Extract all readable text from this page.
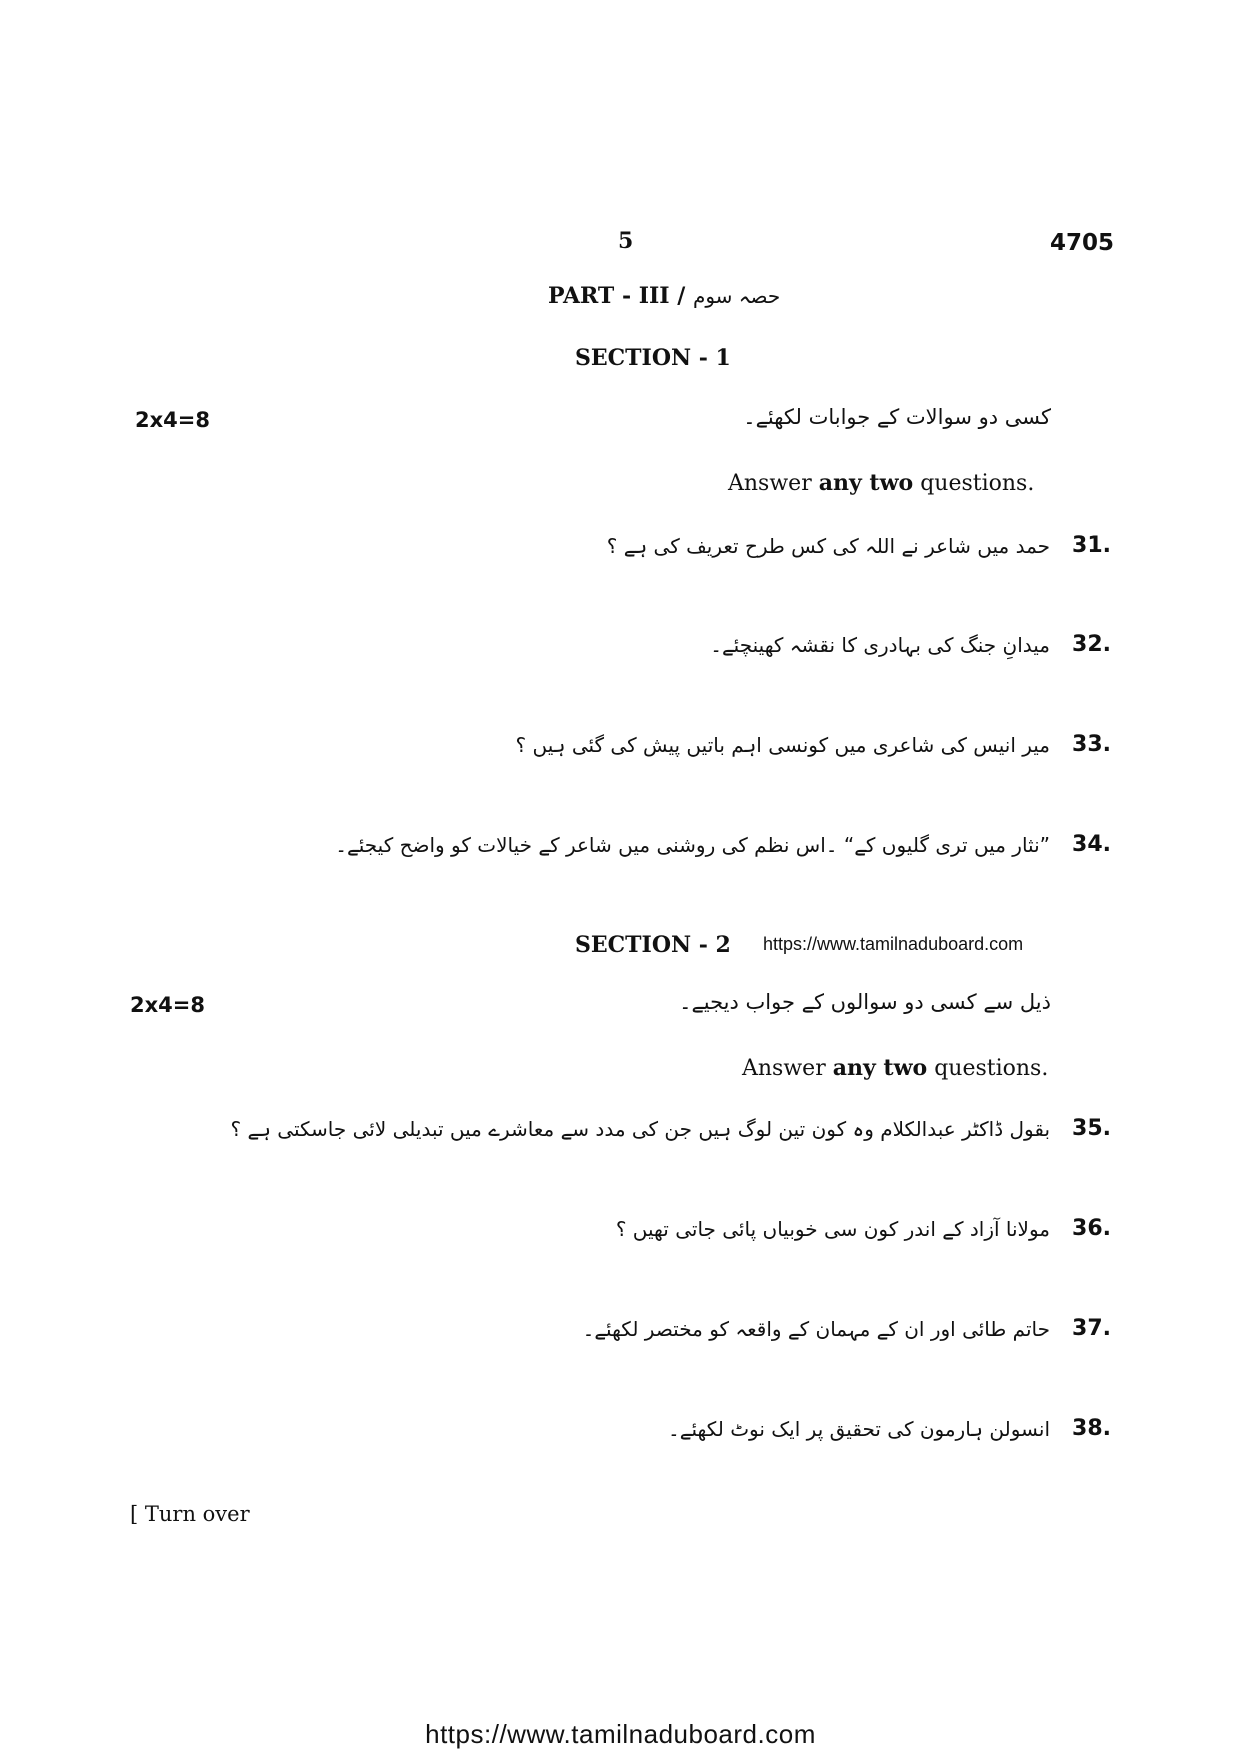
5	4705
PART - III / حصہ سوم
SECTION - 1
2x4=8	کسی دو سوالات کے جوابات لکھئے۔
Answer any two questions.
31.
حمد میں شاعر نے اللہ کی کس طرح تعریف کی ہے ؟
32.
میدانِ جنگ کی بہادری کا نقشہ کھینچئے۔
33.
میر انیس کی شاعری میں کونسی اہم باتیں پیش کی گئی ہیں ؟
34.
”نثار میں تری گلیوں کے“ ۔اس نظم کی روشنی میں شاعر کے خیالات کو واضح کیجئے۔
SECTION - 2 https://www.tamilnaduboard.com
2x4=8	ذیل سے کسی دو سوالوں کے جواب دیجیے۔
Answer any two questions.
35.
بقول ڈاکٹر عبدالکلام وہ کون تین لوگ ہیں جن کی مدد سے معاشرے میں تبدیلی لائی جاسکتی ہے ؟
36.
مولانا آزاد کے اندر کون سی خوبیاں پائی جاتی تھیں ؟
37.
حاتم طائی اور ان کے مہمان کے واقعہ کو مختصر لکھئے۔
38.
انسولن ہارمون کی تحقیق پر ایک نوٹ لکھئے۔
[ Turn over
https://www.tamilnaduboard.com
